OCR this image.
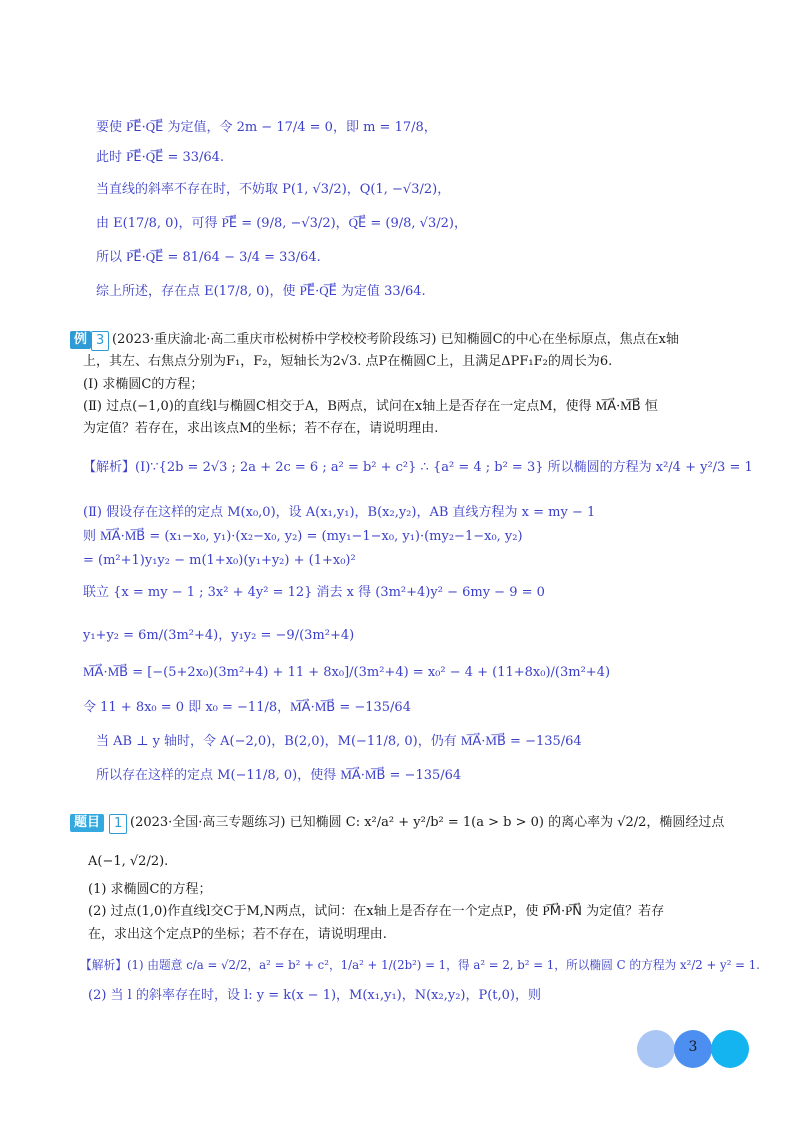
要使 P͞E⃗·Q͞E⃗ 为定值，令 2m − 17/4 = 0，即 m = 17/8，
此时 P͞E⃗·Q͞E⃗ = 33/64.
当直线的斜率不存在时，不妨取 P(1, √3/2)，Q(1, −√3/2)，
由 E(17/8, 0)，可得 P͞E⃗ = (9/8, −√3/2)，Q͞E⃗ = (9/8, √3/2)，
所以 P͞E⃗·Q͞E⃗ = 81/64 − 3/4 = 33/64.
综上所述，存在点 E(17/8, 0)，使 P͞E⃗·Q͞E⃗ 为定值 33/64.
例 3 (2023·重庆渝北·高二重庆市松树桥中学校校考阶段练习) 已知椭圆C的中心在坐标原点，焦点在x轴
上，其左、右焦点分别为F₁，F₂，短轴长为2√3. 点P在椭圆C上，且满足ΔPF₁F₂的周长为6.
(I) 求椭圆C的方程；
(Ⅱ) 过点(−1,0)的直线l与椭圆C相交于A，B两点，试问在x轴上是否存在一定点M，使得 M͞A⃗·M͞B⃗ 恒
为定值？若存在，求出该点M的坐标；若不存在，请说明理由.
【解析】(Ⅰ)∵{2b = 2√3 ; 2a + 2c = 6 ; a² = b² + c²} ∴ {a² = 4 ; b² = 3} 所以椭圆的方程为 x²/4 + y²/3 = 1
(Ⅱ) 假设存在这样的定点 M(x₀,0)，设 A(x₁,y₁)，B(x₂,y₂)，AB 直线方程为 x = my − 1
则 M͞A⃗·M͞B⃗ = (x₁−x₀, y₁)·(x₂−x₀, y₂) = (my₁−1−x₀, y₁)·(my₂−1−x₀, y₂)
= (m²+1)y₁y₂ − m(1+x₀)(y₁+y₂) + (1+x₀)²
联立 {x = my − 1 ; 3x² + 4y² = 12} 消去 x 得 (3m²+4)y² − 6my − 9 = 0
y₁+y₂ = 6m/(3m²+4)，y₁y₂ = −9/(3m²+4)
M͞A⃗·M͞B⃗ = [−(5+2x₀)(3m²+4) + 11 + 8x₀]/(3m²+4) = x₀² − 4 + (11+8x₀)/(3m²+4)
令 11 + 8x₀ = 0 即 x₀ = −11/8，M͞A⃗·M͞B⃗ = −135/64
当 AB ⊥ y 轴时，令 A(−2,0)，B(2,0)，M(−11/8, 0)，仍有 M͞A⃗·M͞B⃗ = −135/64
所以存在这样的定点 M(−11/8, 0)，使得 M͞A⃗·M͞B⃗ = −135/64
题目	1 (2023·全国·高三专题练习) 已知椭圆 C: x²/a² + y²/b² = 1(a > b > 0) 的离心率为 √2/2，椭圆经过点
A(−1, √2/2).
(1) 求椭圆C的方程；
(2) 过点(1,0)作直线l交C于M,N两点，试问：在x轴上是否存在一个定点P，使 P͞M⃗·P͞N⃗ 为定值？若存
在，求出这个定点P的坐标；若不存在，请说明理由.
【解析】(1) 由题意 c/a = √2/2，a² = b² + c²，1/a² + 1/(2b²) = 1，得 a² = 2, b² = 1，所以椭圆 C 的方程为 x²/2 + y² = 1.
(2) 当 l 的斜率存在时，设 l: y = k(x − 1)，M(x₁,y₁)，N(x₂,y₂)，P(t,0)，则
3
